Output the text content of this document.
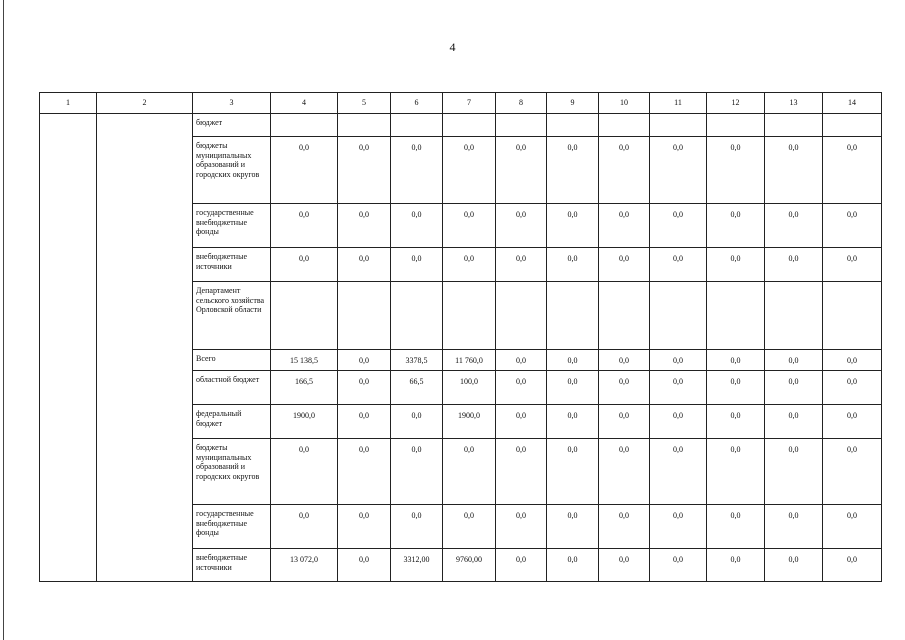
4
1	2	3	4	5	6	7	8	9	10	11	12	13	14
		бюджет											
		бюджеты муниципальных образований и городских округов	0,0	0,0	0,0	0,0	0,0	0,0	0,0	0,0	0,0	0,0	0,0
		государственные внебюджетные фонды	0,0	0,0	0,0	0,0	0,0	0,0	0,0	0,0	0,0	0,0	0,0
		внебюджетные источники	0,0	0,0	0,0	0,0	0,0	0,0	0,0	0,0	0,0	0,0	0,0
		Департамент сельского хозяйства Орловской области											
		Всего	15 138,5	0,0	3378,5	11 760,0	0,0	0,0	0,0	0,0	0,0	0,0	0,0
		областной бюджет	166,5	0,0	66,5	100,0	0,0	0,0	0,0	0,0	0,0	0,0	0,0
		федеральный бюджет	1900,0	0,0	0,0	1900,0	0,0	0,0	0,0	0,0	0,0	0,0	0,0
		бюджеты муниципальных образований и городских округов	0,0	0,0	0,0	0,0	0,0	0,0	0,0	0,0	0,0	0,0	0,0
		государственные внебюджетные фонды	0,0	0,0	0,0	0,0	0,0	0,0	0,0	0,0	0,0	0,0	0,0
		внебюджетные источники	13 072,0	0,0	3312,00	9760,00	0,0	0,0	0,0	0,0	0,0	0,0	0,0
